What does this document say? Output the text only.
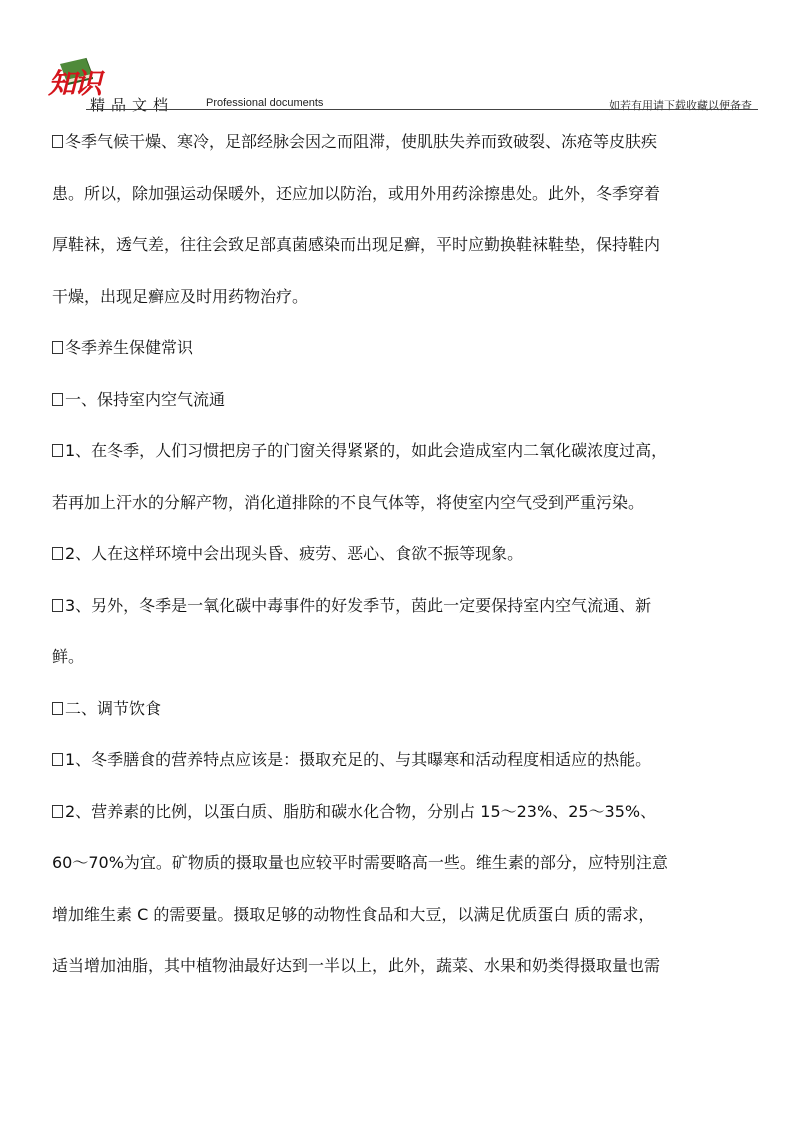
知识
精品文档	Professional documents	如若有用请下载收藏以便备查

冬季气候干燥、寒冷，足部经脉会因之而阻滞，使肌肤失养而致破裂、冻疮等皮肤疾

患。所以，除加强运动保暖外，还应加以防治，或用外用药涂擦患处。此外，冬季穿着

厚鞋袜，透气差，往往会致足部真菌感染而出现足癣，平时应勤换鞋袜鞋垫，保持鞋内

干燥，出现足癣应及时用药物治疗。

冬季养生保健常识

一、保持室内空气流通

1、在冬季，人们习惯把房子的门窗关得紧紧的，如此会造成室内二氧化碳浓度过高，

若再加上汗水的分解产物，消化道排除的不良气体等，将使室内空气受到严重污染。

2、人在这样环境中会出现头昏、疲劳、恶心、食欲不振等现象。

3、另外，冬季是一氧化碳中毒事件的好发季节，茵此一定要保持室内空气流通、新

鲜。

二、调节饮食

1、冬季膳食的营养特点应该是：摄取充足的、与其曝寒和活动程度相适应的热能。

2、营养素的比例，以蛋白质、脂肪和碳水化合物，分别占 15～23%、25～35%、

60～70%为宜。矿物质的摄取量也应较平时需要略高一些。维生素的部分，应特别注意

增加维生素 C 的需要量。摄取足够的动物性食品和大豆，以满足优质蛋白 质的需求，

适当增加油脂，其中植物油最好达到一半以上，此外，蔬菜、水果和奶类得摄取量也需
